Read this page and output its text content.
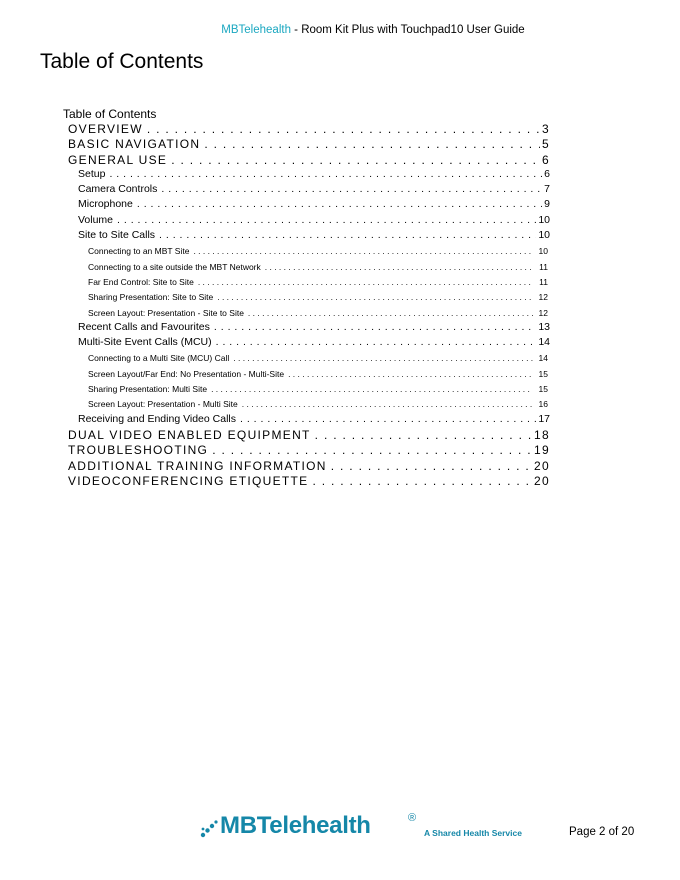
MBTelehealth - Room Kit Plus with Touchpad10 User Guide
Table of Contents
Table of Contents
OVERVIEW . . .	3
BASIC NAVIGATION . . .	5
GENERAL USE . . .	6
Setup . . .	6
Camera Controls . . .	7
Microphone . . .	9
Volume . . .	10
Site to Site Calls . . .	10
Connecting to an MBT Site . . .	10
Connecting to a site outside the MBT Network . . .	11
Far End Control: Site to Site . . .	11
Sharing Presentation: Site to Site . . .	12
Screen Layout: Presentation - Site to Site . . .	12
Recent Calls and Favourites . . .	13
Multi-Site Event Calls (MCU) . . .	14
Connecting to a Multi Site (MCU) Call . . .	14
Screen Layout/Far End: No Presentation - Multi-Site . . .	15
Sharing Presentation: Multi Site . . .	15
Screen Layout: Presentation - Multi Site . . .	16
Receiving and Ending Video Calls . . .	17
DUAL VIDEO ENABLED EQUIPMENT . . .	18
TROUBLESHOOTING . . .	19
ADDITIONAL TRAINING INFORMATION . . .	20
VIDEOCONFERENCING ETIQUETTE . . .	20
MBTelehealth	®
A Shared Health Service	Page 2 of 20
